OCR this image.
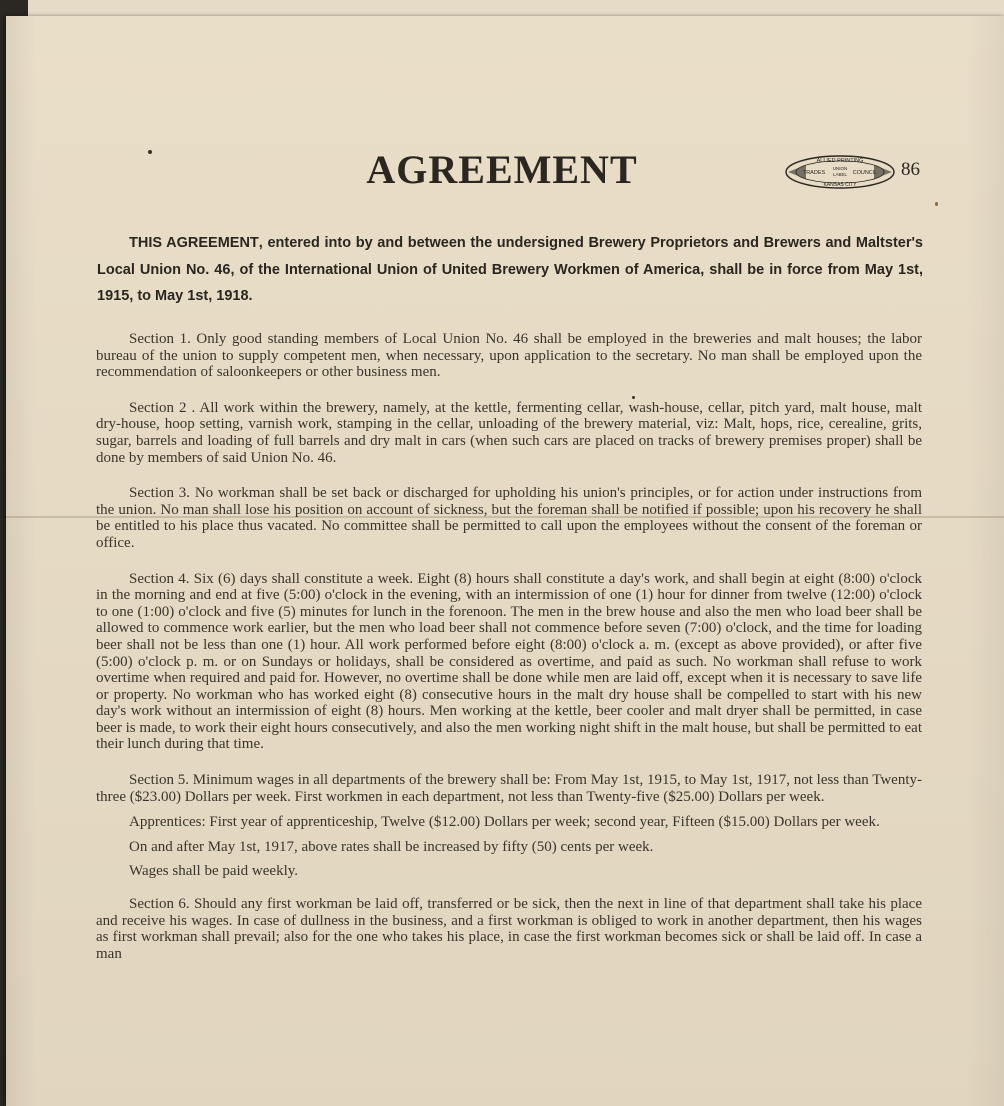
AGREEMENT	ALLIED PRINTING
TRADES
UNION
LABEL COUNCIL
KANSAS CITY
86
THIS AGREEMENT, entered into by and between the undersigned Brewery Proprietors and Brewers and Maltster's Local Union No. 46, of the International Union of United Brewery Workmen of America, shall be in force from May 1st, 1915, to May 1st, 1918.

Section 1. Only good standing members of Local Union No. 46 shall be employed in the breweries and malt houses; the labor bureau of the union to supply competent men, when necessary, upon application to the secretary. No man shall be employed upon the recommendation of saloonkeepers or other business men.

Section 2 . All work within the brewery, namely, at the kettle, fermenting cellar, wash-house, cellar, pitch yard, malt house, malt dry-house, hoop setting, varnish work, stamping in the cellar, unloading of the brewery material, viz: Malt, hops, rice, cerealine, grits, sugar, barrels and loading of full barrels and dry malt in cars (when such cars are placed on tracks of brewery premises proper) shall be done by members of said Union No. 46.

Section 3. No workman shall be set back or discharged for upholding his union's principles, or for action under instructions from the union. No man shall lose his position on account of sickness, but the foreman shall be notified if possible; upon his recovery he shall be entitled to his place thus vacated. No committee shall be permitted to call upon the employees without the consent of the foreman or office.

Section 4. Six (6) days shall constitute a week. Eight (8) hours shall constitute a day's work, and shall begin at eight (8:00) o'clock in the morning and end at five (5:00) o'clock in the evening, with an intermission of one (1) hour for dinner from twelve (12:00) o'clock to one (1:00) o'clock and five (5) minutes for lunch in the forenoon. The men in the brew house and also the men who load beer shall be allowed to commence work earlier, but the men who load beer shall not commence before seven (7:00) o'clock, and the time for loading beer shall not be less than one (1) hour. All work performed before eight (8:00) o'clock a. m. (except as above provided), or after five (5:00) o'clock p. m. or on Sundays or holidays, shall be considered as overtime, and paid as such. No workman shall refuse to work overtime when required and paid for. However, no overtime shall be done while men are laid off, except when it is necessary to save life or property. No workman who has worked eight (8) consecutive hours in the malt dry house shall be compelled to start with his new day's work without an intermission of eight (8) hours. Men working at the kettle, beer cooler and malt dryer shall be permitted, in case beer is made, to work their eight hours consecutively, and also the men working night shift in the malt house, but shall be permitted to eat their lunch during that time.

Section 5. Minimum wages in all departments of the brewery shall be: From May 1st, 1915, to May 1st, 1917, not less than Twenty-three ($23.00) Dollars per week. First workmen in each department, not less than Twenty-five ($25.00) Dollars per week.

Apprentices: First year of apprenticeship, Twelve ($12.00) Dollars per week; second year, Fifteen ($15.00) Dollars per week.

On and after May 1st, 1917, above rates shall be increased by fifty (50) cents per week.

Wages shall be paid weekly.

Section 6. Should any first workman be laid off, transferred or be sick, then the next in line of that department shall take his place and receive his wages. In case of dullness in the business, and a first workman is obliged to work in another department, then his wages as first workman shall prevail; also for the one who takes his place, in case the first workman becomes sick or shall be laid off. In case a man
